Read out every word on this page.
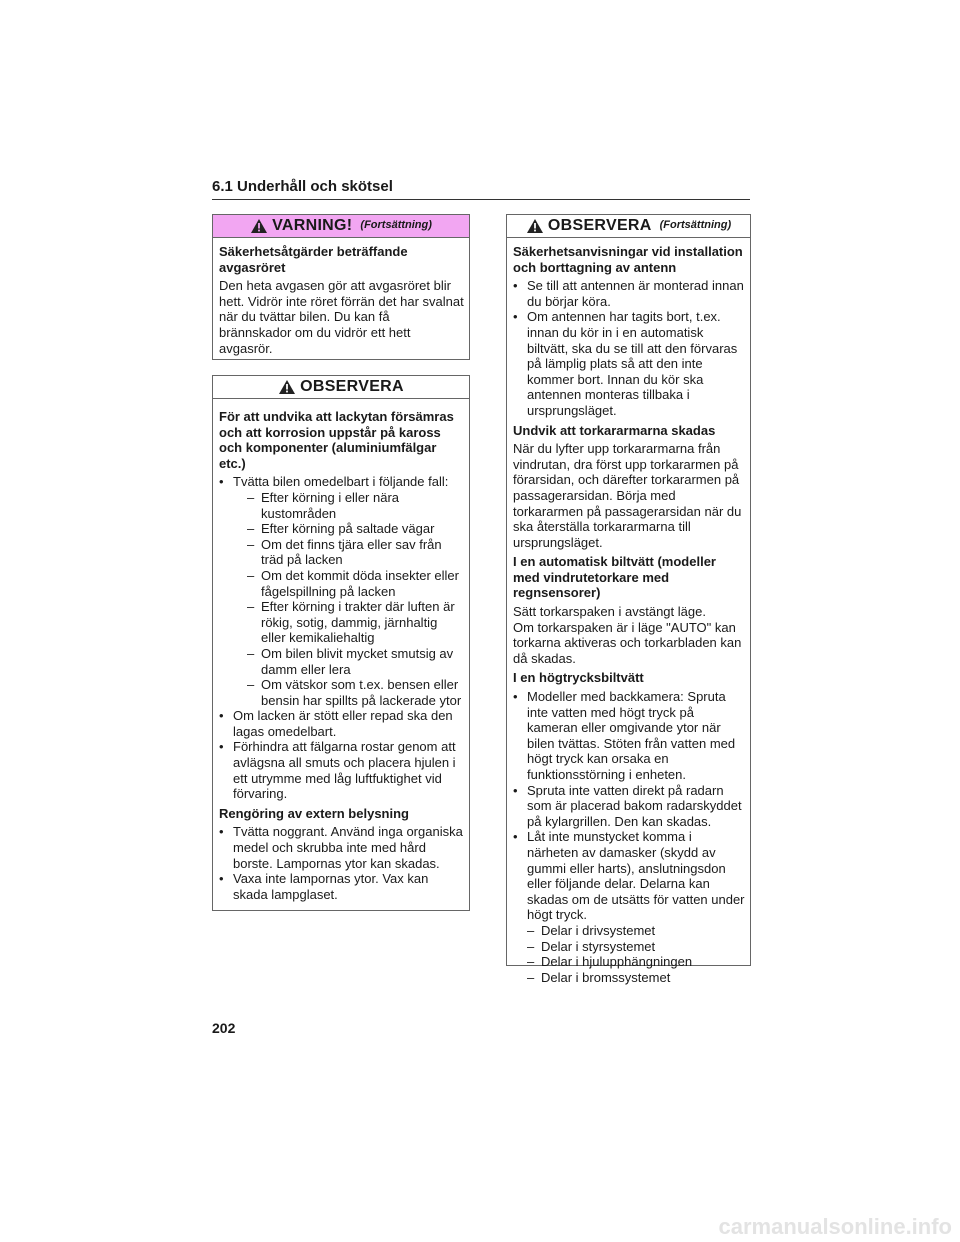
6.1 Underhåll och skötsel
VARNING! (Fortsättning)
Säkerhetsåtgärder beträffande avgasröret
Den heta avgasen gör att avgasröret blir hett. Vidrör inte röret förrän det har svalnat när du tvättar bilen. Du kan få brännskador om du vidrör ett hett avgasrör.
OBSERVERA
För att undvika att lackytan försämras och att korrosion uppstår på kaross och komponenter (aluminiumfälgar etc.)
• Tvätta bilen omedelbart i följande fall:
– Efter körning i eller nära kustområden
– Efter körning på saltade vägar
– Om det finns tjära eller sav från träd på lacken
– Om det kommit döda insekter eller fågelspillning på lacken
– Efter körning i trakter där luften är rökig, sotig, dammig, järnhaltig eller kemikaliehaltig
– Om bilen blivit mycket smutsig av damm eller lera
– Om vätskor som t.ex. bensen eller bensin har spillts på lackerade ytor
• Om lacken är stött eller repad ska den lagas omedelbart.
• Förhindra att fälgarna rostar genom att avlägsna all smuts och placera hjulen i ett utrymme med låg luftfuktighet vid förvaring.
Rengöring av extern belysning
• Tvätta noggrant. Använd inga organiska medel och skrubba inte med hård borste. Lampornas ytor kan skadas.
• Vaxa inte lampornas ytor. Vax kan skada lampglaset.
OBSERVERA (Fortsättning)
Säkerhetsanvisningar vid installation och borttagning av antenn
• Se till att antennen är monterad innan du börjar köra.
• Om antennen har tagits bort, t.ex. innan du kör in i en automatisk biltvätt, ska du se till att den förvaras på lämplig plats så att den inte kommer bort. Innan du kör ska antennen monteras tillbaka i ursprungsläget.
Undvik att torkararmarna skadas
När du lyfter upp torkararmarna från vindrutan, dra först upp torkararmen på förarsidan, och därefter torkararmen på passagerarsidan. Börja med torkararmen på passagerarsidan när du ska återställa torkararmarna till ursprungsläget.
I en automatisk biltvätt (modeller med vindrutetorkare med regnsensorer)
Sätt torkarspaken i avstängt läge.
Om torkarspaken är i läge "AUTO" kan torkarna aktiveras och torkarbladen kan då skadas.
I en högtrycksbiltvätt
• Modeller med backkamera: Spruta inte vatten med högt tryck på kameran eller omgivande ytor när bilen tvättas. Stöten från vatten med högt tryck kan orsaka en funktionsstörning i enheten.
• Spruta inte vatten direkt på radarn som är placerad bakom radarskyddet på kylargrillen. Den kan skadas.
• Låt inte munstycket komma i närheten av damasker (skydd av gummi eller harts), anslutningsdon eller följande delar. Delarna kan skadas om de utsätts för vatten under högt tryck.
– Delar i drivsystemet
– Delar i styrsystemet
– Delar i hjulupphängningen
– Delar i bromssystemet
202
carmanualsonline.info
